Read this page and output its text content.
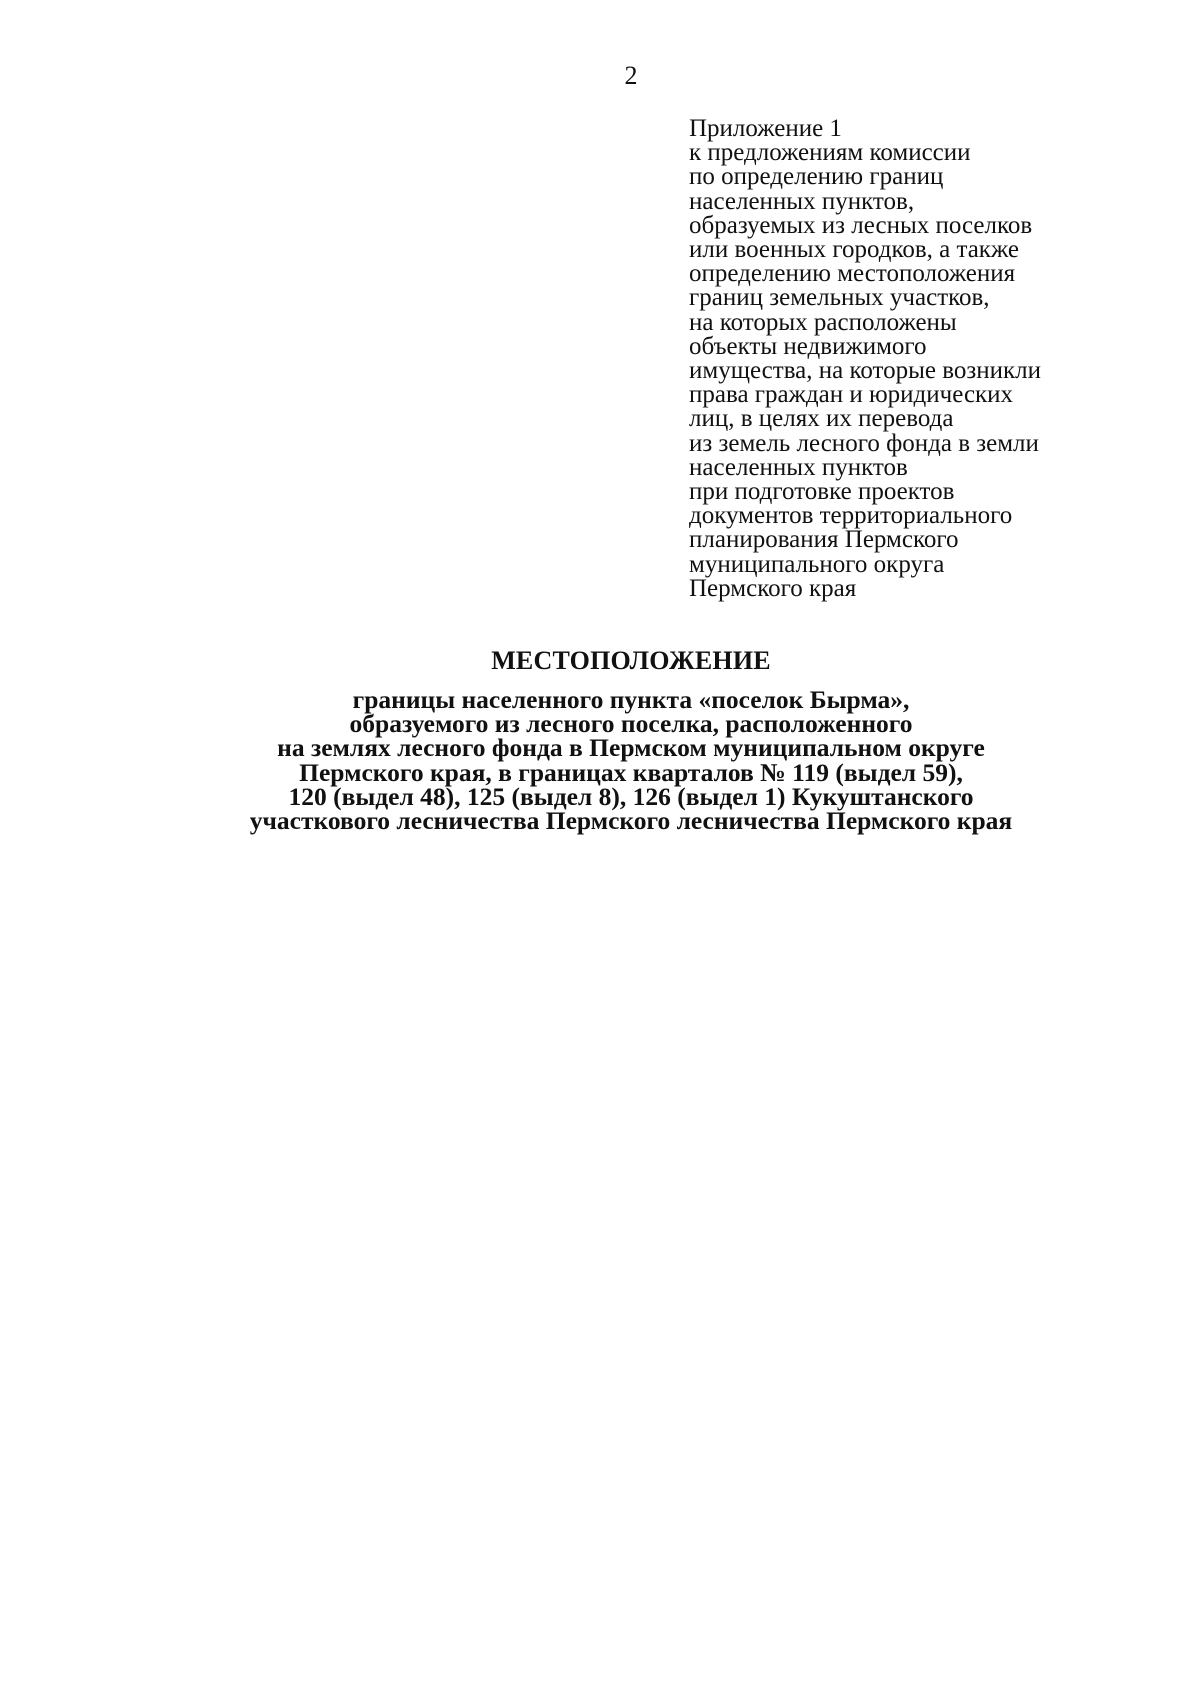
2
Приложение 1
к предложениям комиссии
по определению границ
населенных пунктов,
образуемых из лесных поселков
или военных городков, а также
определению местоположения
границ земельных участков,
на которых расположены
объекты недвижимого
имущества, на которые возникли
права граждан и юридических
лиц, в целях их перевода
из земель лесного фонда в земли
населенных пунктов
при подготовке проектов
документов территориального
планирования Пермского
муниципального округа
Пермского края
МЕСТОПОЛОЖЕНИЕ
границы населенного пункта «поселок Бырма»,
образуемого из лесного поселка, расположенного
на землях лесного фонда в Пермском муниципальном округе
Пермского края, в границах кварталов № 119 (выдел 59),
120 (выдел 48), 125 (выдел 8), 126 (выдел 1) Кукуштанского
участкового лесничества Пермского лесничества Пермского края
